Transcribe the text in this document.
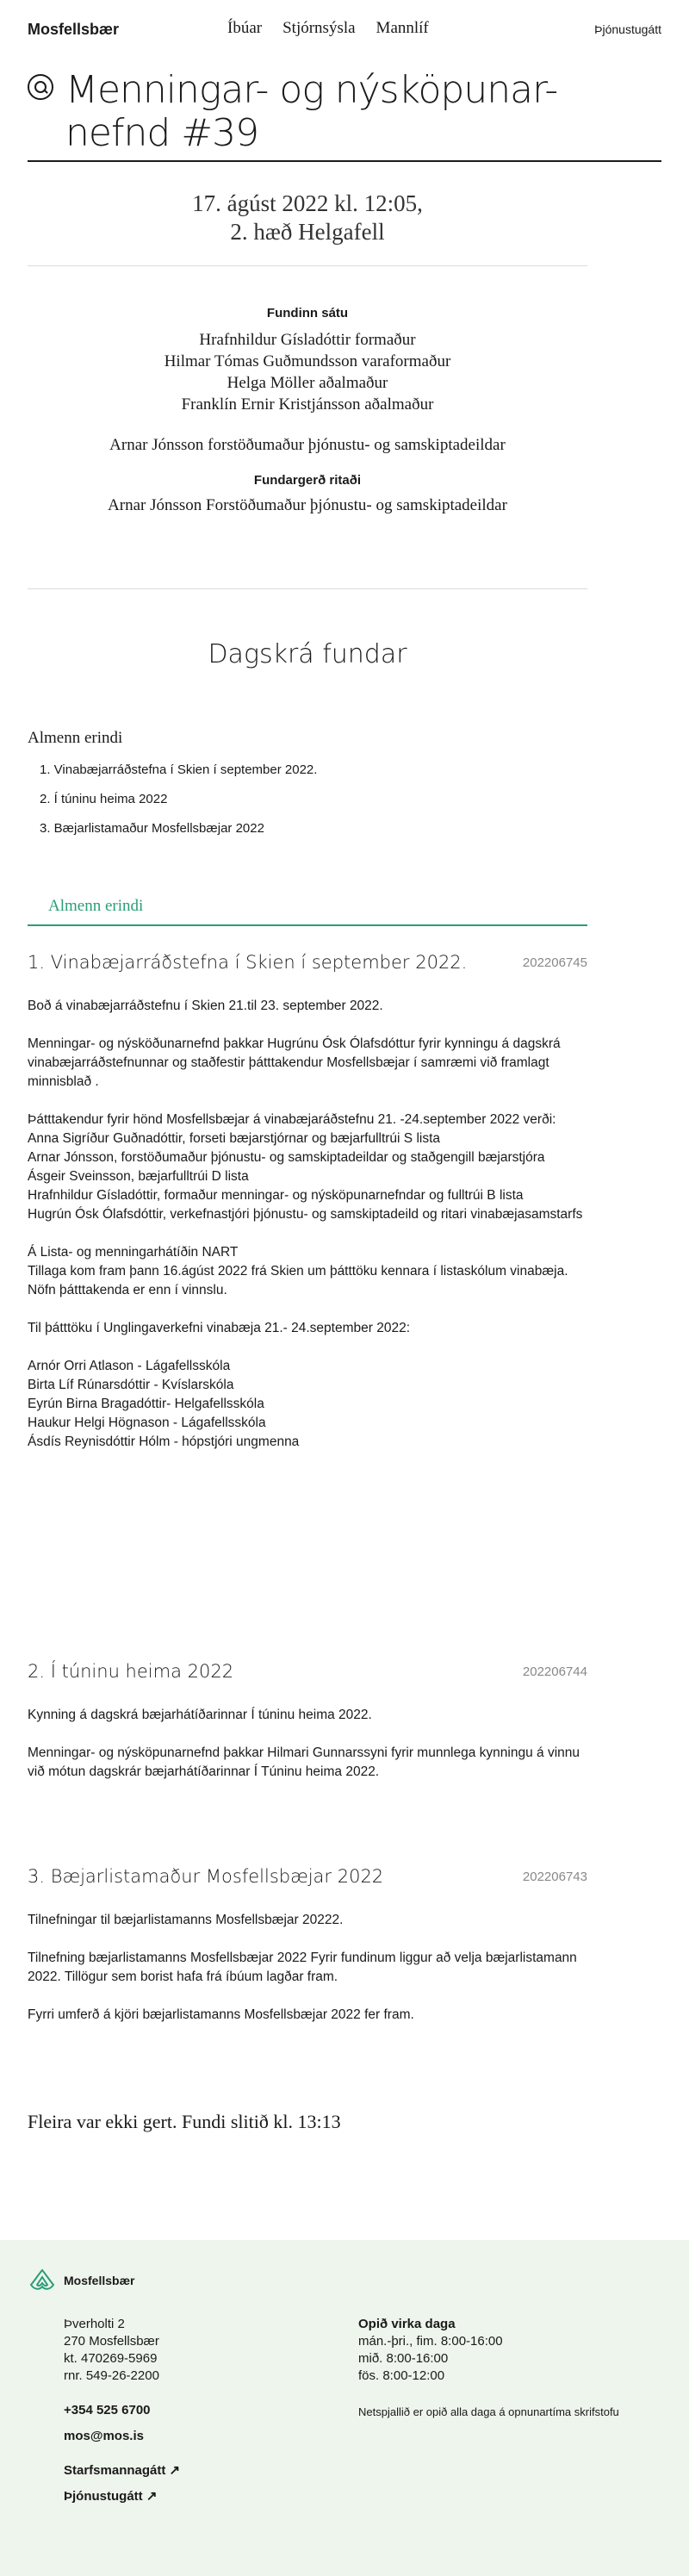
Mosfellsbær	Íbúar Stjórnsýsla Mannlíf	Þjónustugátt
Menningar- og nýsköpunar-nefnd #39
17. ágúst 2022 kl. 12:05,
2. hæð Helgafell
Fundinn sátu
Hrafnhildur Gísladóttir formaður
Hilmar Tómas Guðmundsson varaformaður
Helga Möller aðalmaður
Franklín Ernir Kristjánsson aðalmaður
Arnar Jónsson forstöðumaður þjónustu- og samskiptadeildar
Fundargerð ritaði
Arnar Jónsson Forstöðumaður þjónustu- og samskiptadeildar
Dagskrá fundar
Almenn erindi
1. Vinabæjarráðstefna í Skien í september 2022.
2. Í túninu heima 2022
3. Bæjarlistamaður Mosfellsbæjar 2022
Almenn erindi
1. Vinabæjarráðstefna í Skien í september 2022.	202206745

Boð á vinabæjarráðstefnu í Skien 21.til 23. september 2022.

Menningar- og nýsköðunarnefnd þakkar Hugrúnu Ósk Ólafsdóttur fyrir kynningu á dagskrá vinabæjarráðstefnunnar og staðfestir þátttakendur Mosfellsbæjar í samræmi við framlagt minnisblað .

Þátttakendur fyrir hönd Mosfellsbæjar á vinabæjaráðstefnu 21. -24.september 2022 verði:
Anna Sigríður Guðnadóttir, forseti bæjarstjórnar og bæjarfulltrúi S lista
Arnar Jónsson, forstöðumaður þjónustu- og samskiptadeildar og staðgengill bæjarstjóra
Ásgeir Sveinsson, bæjarfulltrúi D lista
Hrafnhildur Gísladóttir, formaður menningar- og nýsköpunarnefndar og fulltrúi B lista
Hugrún Ósk Ólafsdóttir, verkefnastjóri þjónustu- og samskiptadeild og ritari vinabæjasamstarfs

Á Lista- og menningarhátíðin NART
Tillaga kom fram þann 16.ágúst 2022 frá Skien um þátttöku kennara í listaskólum vinabæja. Nöfn þátttakenda er enn í vinnslu.

Til þátttöku í Unglingaverkefni vinabæja 21.- 24.september 2022:

Arnór Orri Atlason - Lágafellsskóla
Birta Líf Rúnarsdóttir - Kvíslarskóla
Eyrún Birna Bragadóttir- Helgafellsskóla
Haukur Helgi Högnason - Lágafellsskóla
Ásdís Reynisdóttir Hólm - hópstjóri ungmenna

2. Í túninu heima 2022	202206744

Kynning á dagskrá bæjarhátíðarinnar Í túninu heima 2022.

Menningar- og nýsköpunarnefnd þakkar Hilmari Gunnarssyni fyrir munnlega kynningu á vinnu við mótun dagskrár bæjarhátíðarinnar Í Túninu heima 2022.

3. Bæjarlistamaður Mosfellsbæjar 2022	202206743

Tilnefningar til bæjarlistamanns Mosfellsbæjar 20222.

Tilnefning bæjarlistamanns Mosfellsbæjar 2022 Fyrir fundinum liggur að velja bæjarlistamann 2022. Tillögur sem borist hafa frá íbúum lagðar fram.

Fyrri umferð á kjöri bæjarlistamanns Mosfellsbæjar 2022 fer fram.

Fleira var ekki gert. Fundi slitið kl. 13:13
Mosfellsbær
Þverholti 2
270 Mosfellsbær
kt. 470269-5969
rnr. 549-26-2200
+354 525 6700
mos@mos.is
Starfsmannagátt ↗
Þjónustugátt ↗
Opið virka daga
mán.-þri., fim. 8:00-16:00
mið. 8:00-16:00
fös. 8:00-12:00
Netspjallið er opið alla daga á opnunartíma skrifstofu
